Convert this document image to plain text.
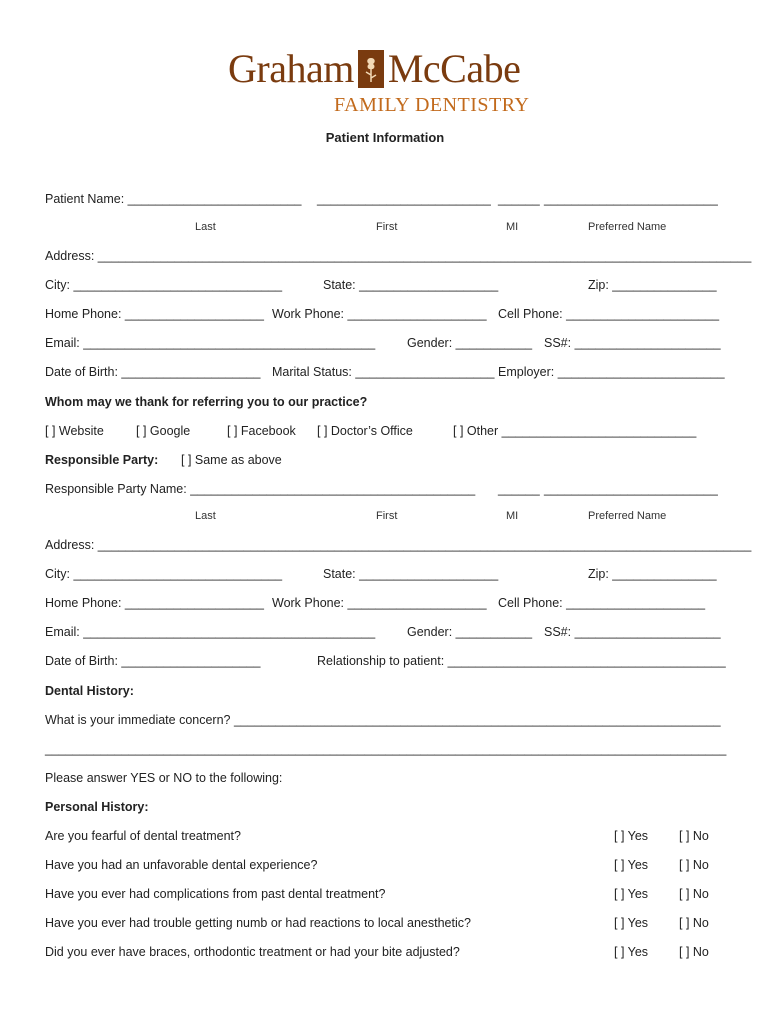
Graham McCabe
FAMILY DENTISTRY
Patient Information
Patient Name: _________________________ _________________________ ______ _________________________
Last	First	MI	Preferred Name
Address: ______________________________________________________________________________________________
City: ______________________________	State: ____________________	Zip: _______________
Home Phone: ____________________ Work Phone: ____________________ Cell Phone: ______________________
Email: __________________________________________	Gender: ___________ SS#: _____________________
Date of Birth: ____________________ Marital Status: ____________________ Employer: ________________________
Whom may we thank for referring you to our practice?
[ ] Website	[ ] Google	[ ] Facebook [ ] Doctor’s Office	[ ] Other ____________________________
Responsible Party: [ ] Same as above
Responsible Party Name: _________________________________________ ______ _________________________
Last	First	MI	Preferred Name
Address: ______________________________________________________________________________________________
City: ______________________________	State: ____________________	Zip: _______________
Home Phone: ____________________ Work Phone: ____________________ Cell Phone: ____________________
Email: __________________________________________	Gender: ___________ SS#: _____________________
Date of Birth: ____________________	Relationship to patient: ________________________________________
Dental History:
What is your immediate concern? ______________________________________________________________________
__________________________________________________________________________________________________
Please answer YES or NO to the following:
Personal History:
Are you fearful of dental treatment?	[ ] Yes [ ] No
Have you had an unfavorable dental experience?	[ ] Yes [ ] No
Have you ever had complications from past dental treatment?	[ ] Yes [ ] No
Have you ever had trouble getting numb or had reactions to local anesthetic?	[ ] Yes [ ] No
Did you ever have braces, orthodontic treatment or had your bite adjusted?	[ ] Yes [ ] No
